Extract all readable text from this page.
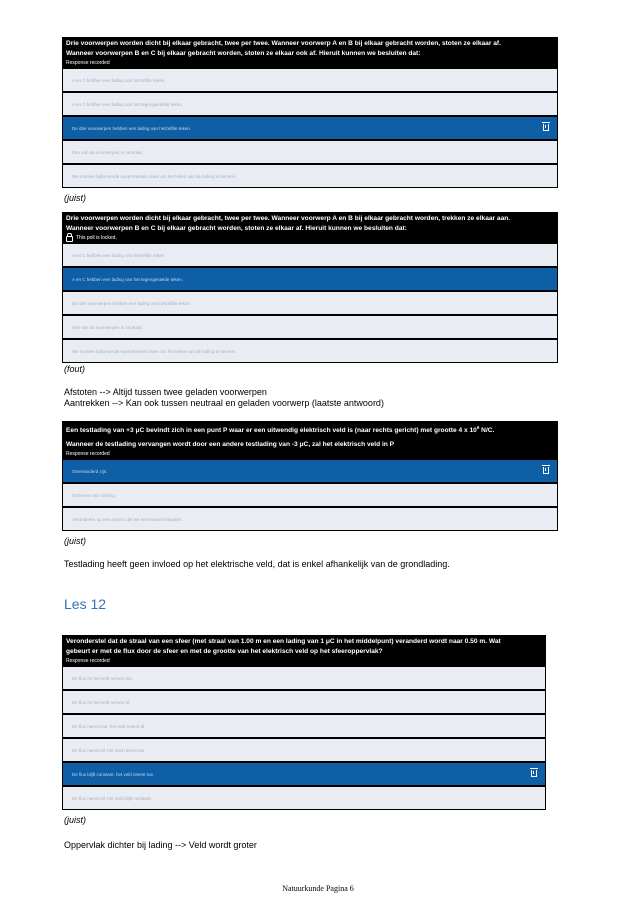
Drie voorwerpen worden dicht bij elkaar gebracht, twee per twee. Wanneer voorwerp A en B bij elkaar gebracht worden, stoten ze elkaar af.
Wanneer voorwerpen B en C bij elkaar gebracht worden, stoten ze elkaar ook af. Hieruit kunnen we besluiten dat:
Response recorded
A en C hebben een lading van hetzelfde teken.
A en C hebben een lading van het tegengestelde teken.
De drie voorwerpen hebben een lading van hetzelfde teken.
Een van de voorwerpen is neutraal.
We moeten bijkomende experimenten doen om het teken van de lading te kennen.
(juist)
Drie voorwerpen worden dicht bij elkaar gebracht, twee per twee. Wanneer voorwerp A en B bij elkaar gebracht worden, trekken ze elkaar aan.
Wanneer voorwerpen B en C bij elkaar gebracht worden, stoten ze elkaar af. Hieruit kunnen we besluiten dat:
This poll is locked.
A en C hebben een lading van hetzelfde teken.
A en C hebben een lading van het tegengestelde teken.
De drie voorwerpen hebben een lading van hetzelfde teken.
Een van de voorwerpen is neutraal.
We moeten bijkomende experimenten doen om het teken van de lading te kennen.
(fout)
Afstoten --> Altijd tussen twee geladen voorwerpen
Aantrekken --> Kan ook tussen neutraal en geladen voorwerp (laatste antwoord)
Een testlading van +3 μC bevindt zich in een punt P waar er een uitwendig elektrisch veld is (naar rechts gericht) met grootte 4 x $10^6$ N/C.
Wanneer de testlading vervangen wordt door een andere testlading van -3 μC, zal het elektrisch veld in P
Response recorded
Onveranderd zijn.
Omkeren van richting.
Veranderen op een manier die we niet kunnen bepalen.
(juist)
Testlading heeft geen invloed op het elektrische veld, dat is enkel afhankelijk van de grondlading.
Les 12
Veronderstel dat de straal van een sfeer (met straal van 1.00 m en een lading van 1 μC in het middelpunt) veranderd wordt naar 0.50 m. Wat
gebeurt er met de flux door de sfeer en met de grootte van het elektrisch veld op het sfeeroppervlak?
Response recorded
De flux en het veld nemen toe.
De flux en het veld nemen af.
De flux neemt toe, het veld neemt af.
De flux neemt af, het veld neemt toe.
De flux blijft constant, het veld neemt toe.
De flux neemt af, het veld blijft constant.
(juist)
Oppervlak dichter bij lading --> Veld wordt groter
Natuurkunde Pagina 6
